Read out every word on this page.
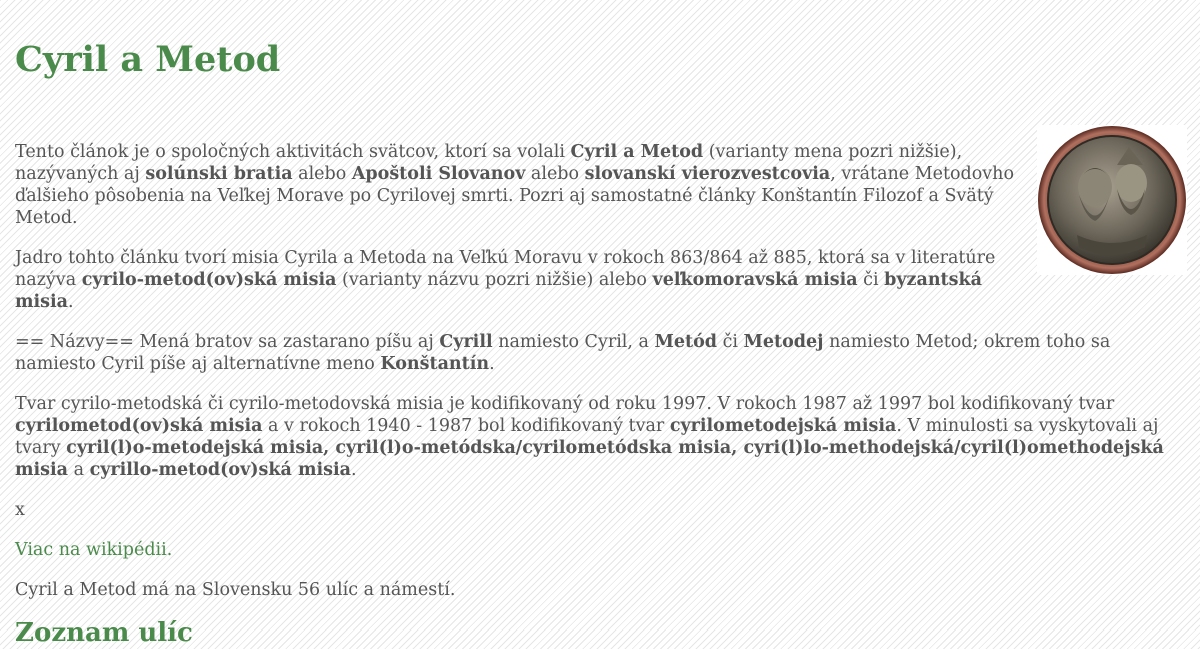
Cyril a Metod

Tento článok je o spoločných aktivitách svätcov, ktorí sa volali Cyril a Metod (varianty mena pozri nižšie), nazývaných aj solúnski bratia alebo Apoštoli Slovanov alebo slovanskí vierozvestcovia, vrátane Metodovho ďalšieho pôsobenia na Veľkej Morave po Cyrilovej smrti. Pozri aj samostatné články Konštantín Filozof a Svätý Metod.

Jadro tohto článku tvorí misia Cyrila a Metoda na Veľkú Moravu v rokoch 863/864 až 885, ktorá sa v literatúre nazýva cyrilo-metod(ov)ská misia (varianty názvu pozri nižšie) alebo veľkomoravská misia či byzantská misia.

== Názvy== Mená bratov sa zastarano píšu aj Cyrill namiesto Cyril, a Metód či Metodej namiesto Metod; okrem toho sa namiesto Cyril píše aj alternatívne meno Konštantín.

Tvar cyrilo-metodská či cyrilo-metodovská misia je kodifikovaný od roku 1997. V rokoch 1987 až 1997 bol kodifikovaný tvar cyrilometod(ov)ská misia a v rokoch 1940 - 1987 bol kodifikovaný tvar cyrilometodejská misia. V minulosti sa vyskytovali aj tvary cyril(l)o-metodejská misia, cyril(l)o-metódska/cyrilometódska misia, cyri(l)lo-methodejská/cyril(l)omethodejská misia a cyrillo-metod(ov)ská misia.

x

Viac na wikipédii.

Cyril a Metod má na Slovensku 56 ulíc a námestí.

Zoznam ulíc
